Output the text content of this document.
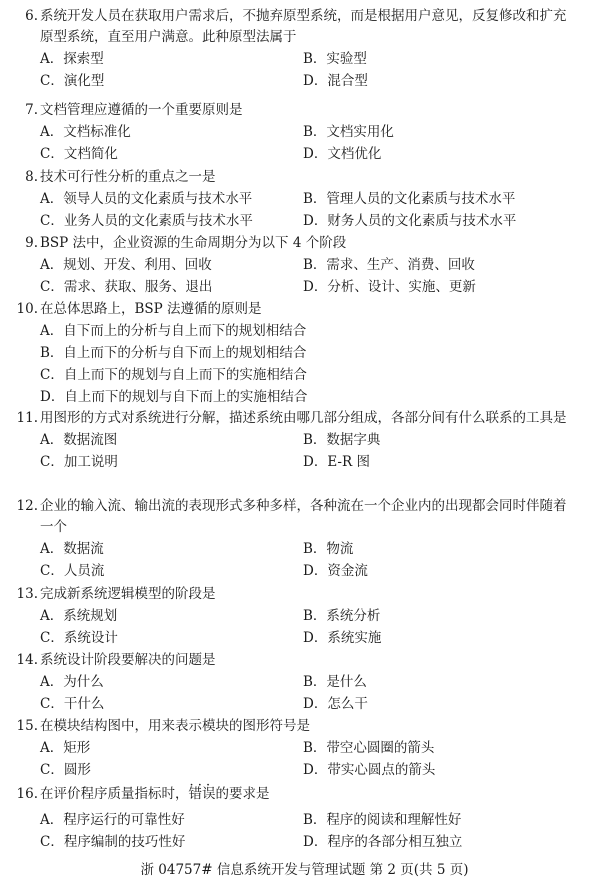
6. 系统开发人员在获取用户需求后，不抛弃原型系统，而是根据用户意见，反复修改和扩充原型系统，直至用户满意。此种原型法属于
A．探索型	B．实验型
C．演化型	D．混合型
7. 文档管理应遵循的一个重要原则是
A．文档标准化	B．文档实用化
C．文档简化	D．文档优化
8. 技术可行性分析的重点之一是
A．领导人员的文化素质与技术水平	B．管理人员的文化素质与技术水平
C．业务人员的文化素质与技术水平	D．财务人员的文化素质与技术水平
9. BSP 法中，企业资源的生命周期分为以下 4 个阶段
A．规划、开发、利用、回收	B．需求、生产、消费、回收
C．需求、获取、服务、退出	D．分析、设计、实施、更新
10. 在总体思路上，BSP 法遵循的原则是
A．自下而上的分析与自上而下的规划相结合
B．自上而下的分析与自下而上的规划相结合
C．自上而下的规划与自上而下的实施相结合
D．自上而下的规划与自下而上的实施相结合
11. 用图形的方式对系统进行分解，描述系统由哪几部分组成，各部分间有什么联系的工具是
A．数据流图	B．数据字典
C．加工说明	D．E-R 图
12. 企业的输入流、输出流的表现形式多种多样，各种流在一个企业内的出现都会同时伴随着一个
A．数据流	B．物流
C．人员流	D．资金流
13. 完成新系统逻辑模型的阶段是
A．系统规划	B．系统分析
C．系统设计	D．系统实施
14. 系统设计阶段要解决的问题是
A．为什么	B．是什么
C．干什么	D．怎么干
15. 在模块结构图中，用来表示模块的图形符号是
A．矩形	B．带空心圆圈的箭头
C．圆形	D．带实心圆点的箭头
16. 在评价程序质量指标时，错误 · · ·的要求是
A．程序运行的可靠性好	B．程序的阅读和理解性好
C．程序编制的技巧性好	D．程序的各部分相互独立
浙 04757# 信息系统开发与管理试题 第 2 页(共 5 页)
